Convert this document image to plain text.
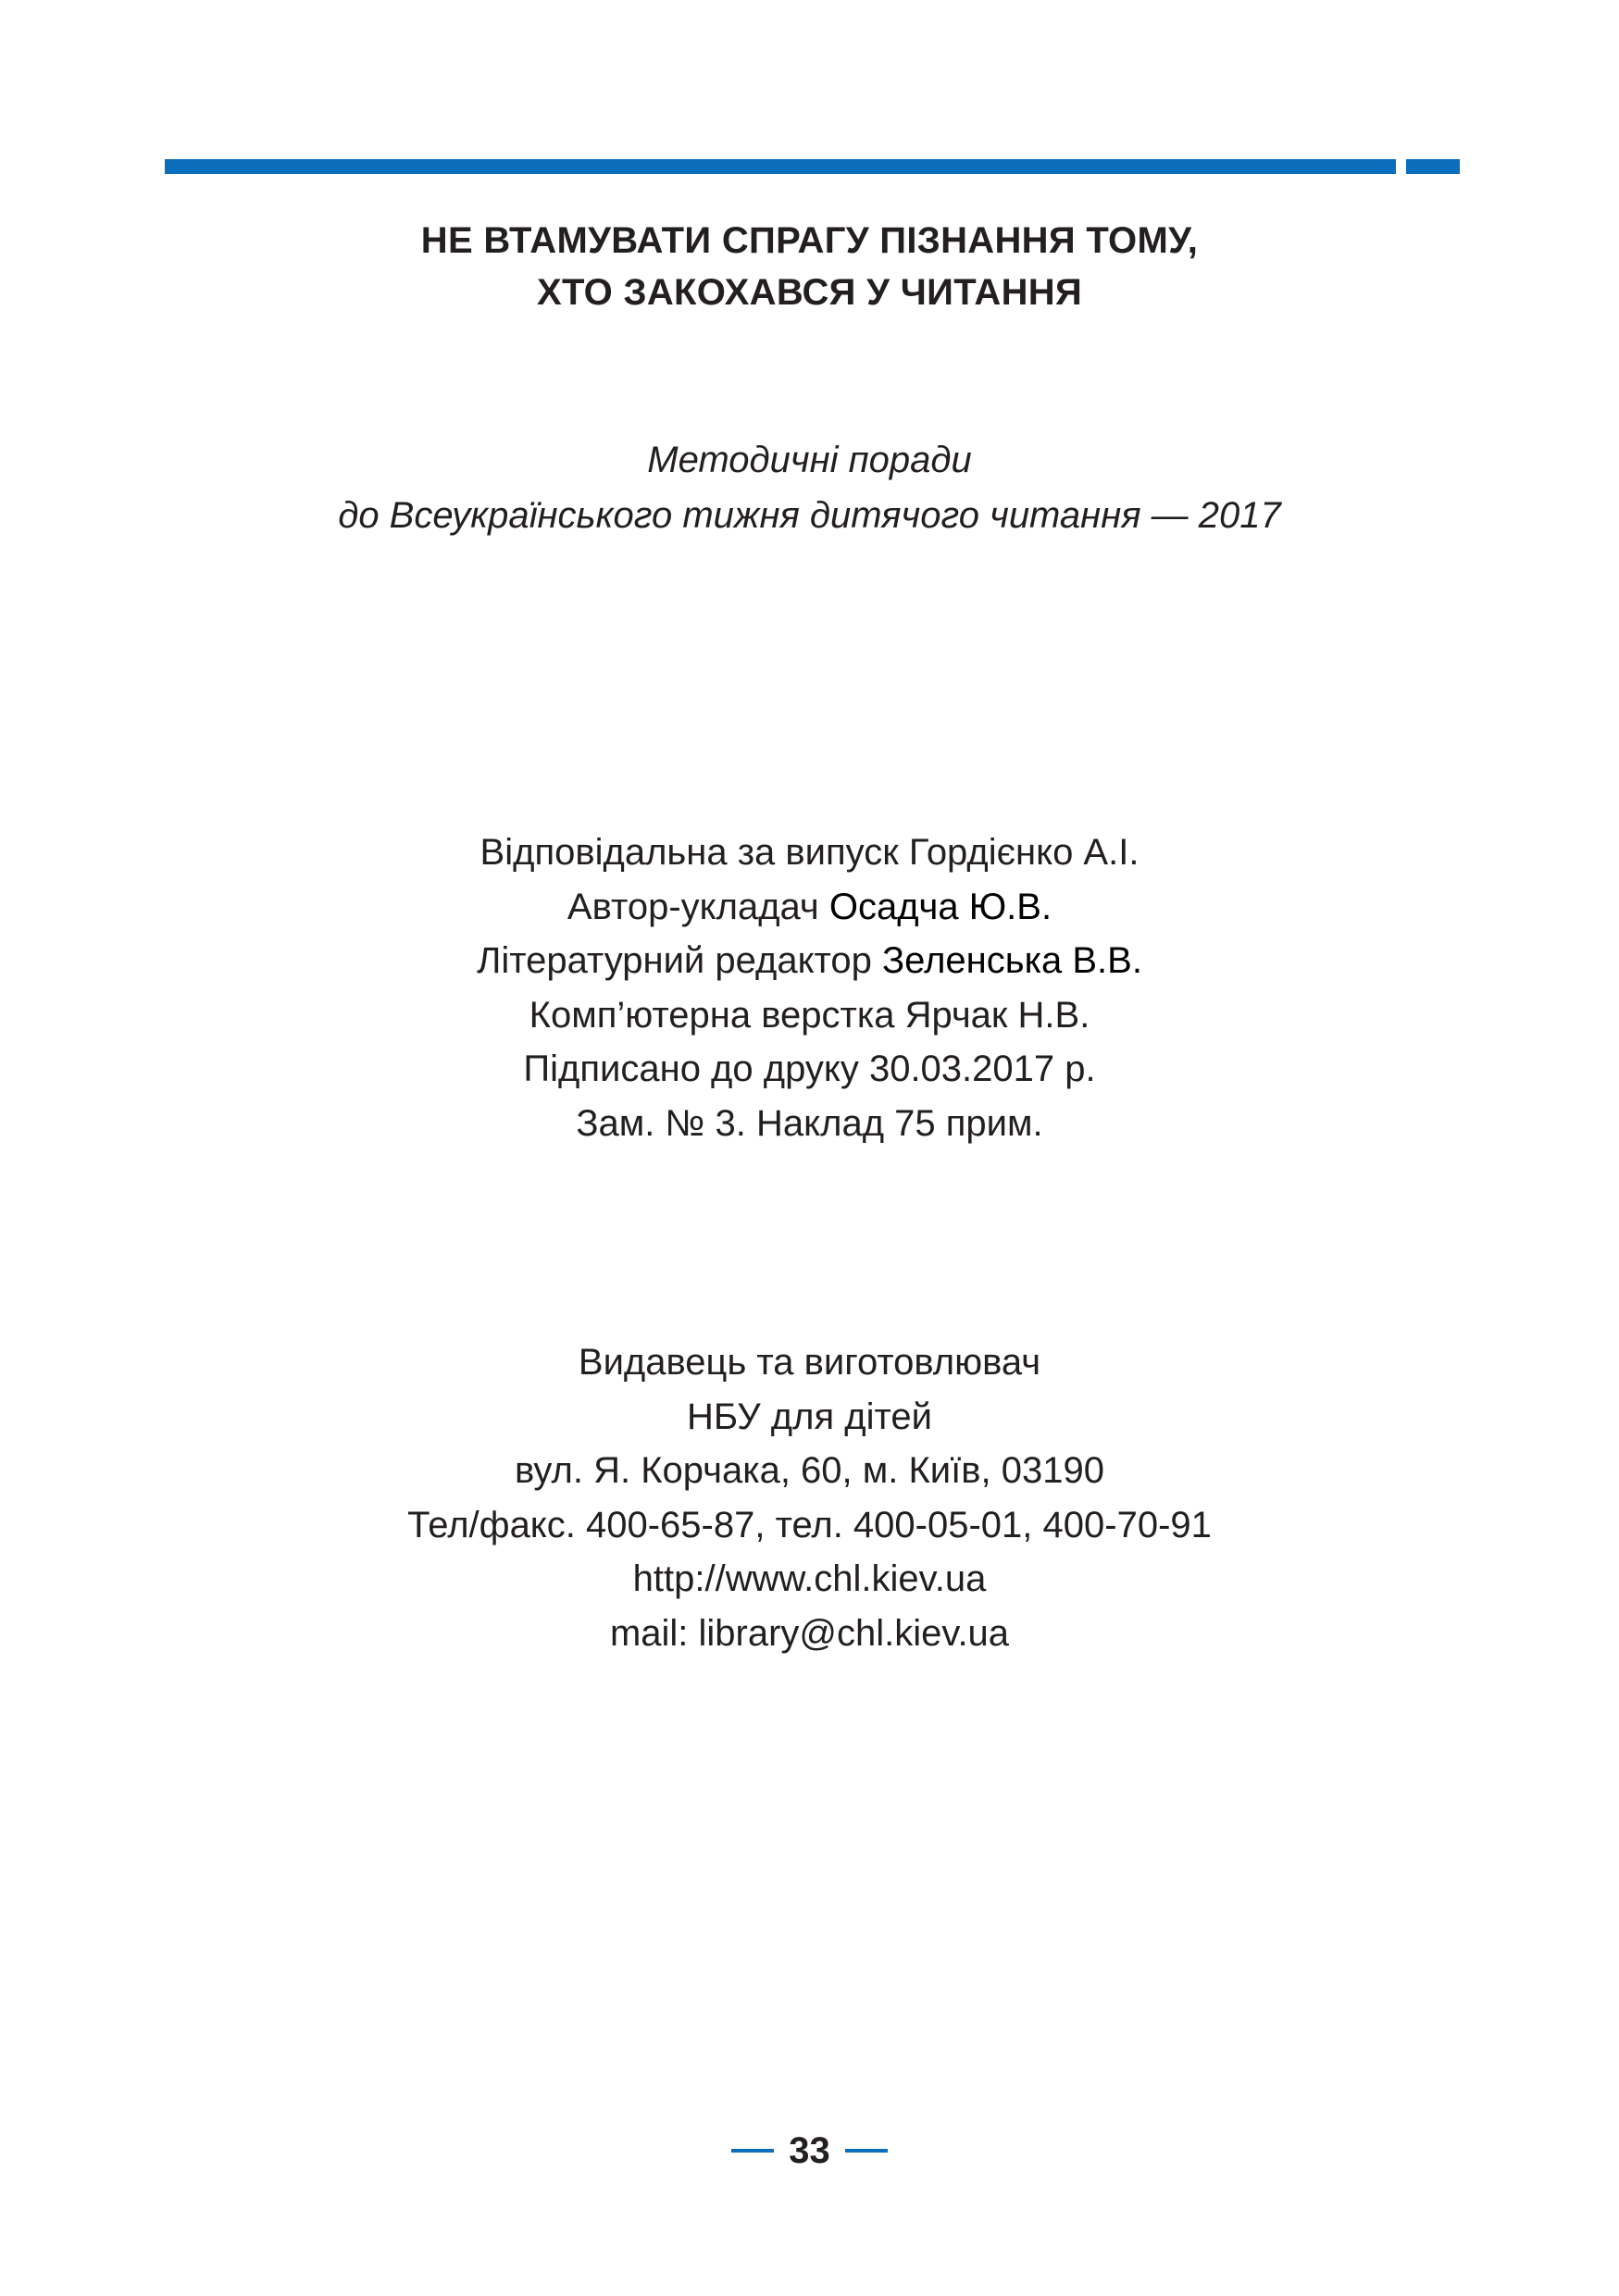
НЕ ВТАМУВАТИ СПРАГУ ПІЗНАННЯ ТОМУ,
ХТО ЗАКОХАВСЯ У ЧИТАННЯ
Методичні поради
до Всеукраїнського тижня дитячого читання — 2017
Відповідальна за випуск Гордієнко А.І.
Автор-укладач Осадча Ю.В.
Літературний редактор Зеленська В.В.
Комп’ютерна верстка Ярчак Н.В.
Підписано до друку 30.03.2017 р.
Зам. № 3. Наклад 75 прим.
Видавець та виготовлювач
НБУ для дітей
вул. Я. Корчака, 60, м. Київ, 03190
Тел/факс. 400-65-87, тел. 400-05-01, 400-70-91
http://www.chl.kiev.ua
mail: library@chl.kiev.ua
33
